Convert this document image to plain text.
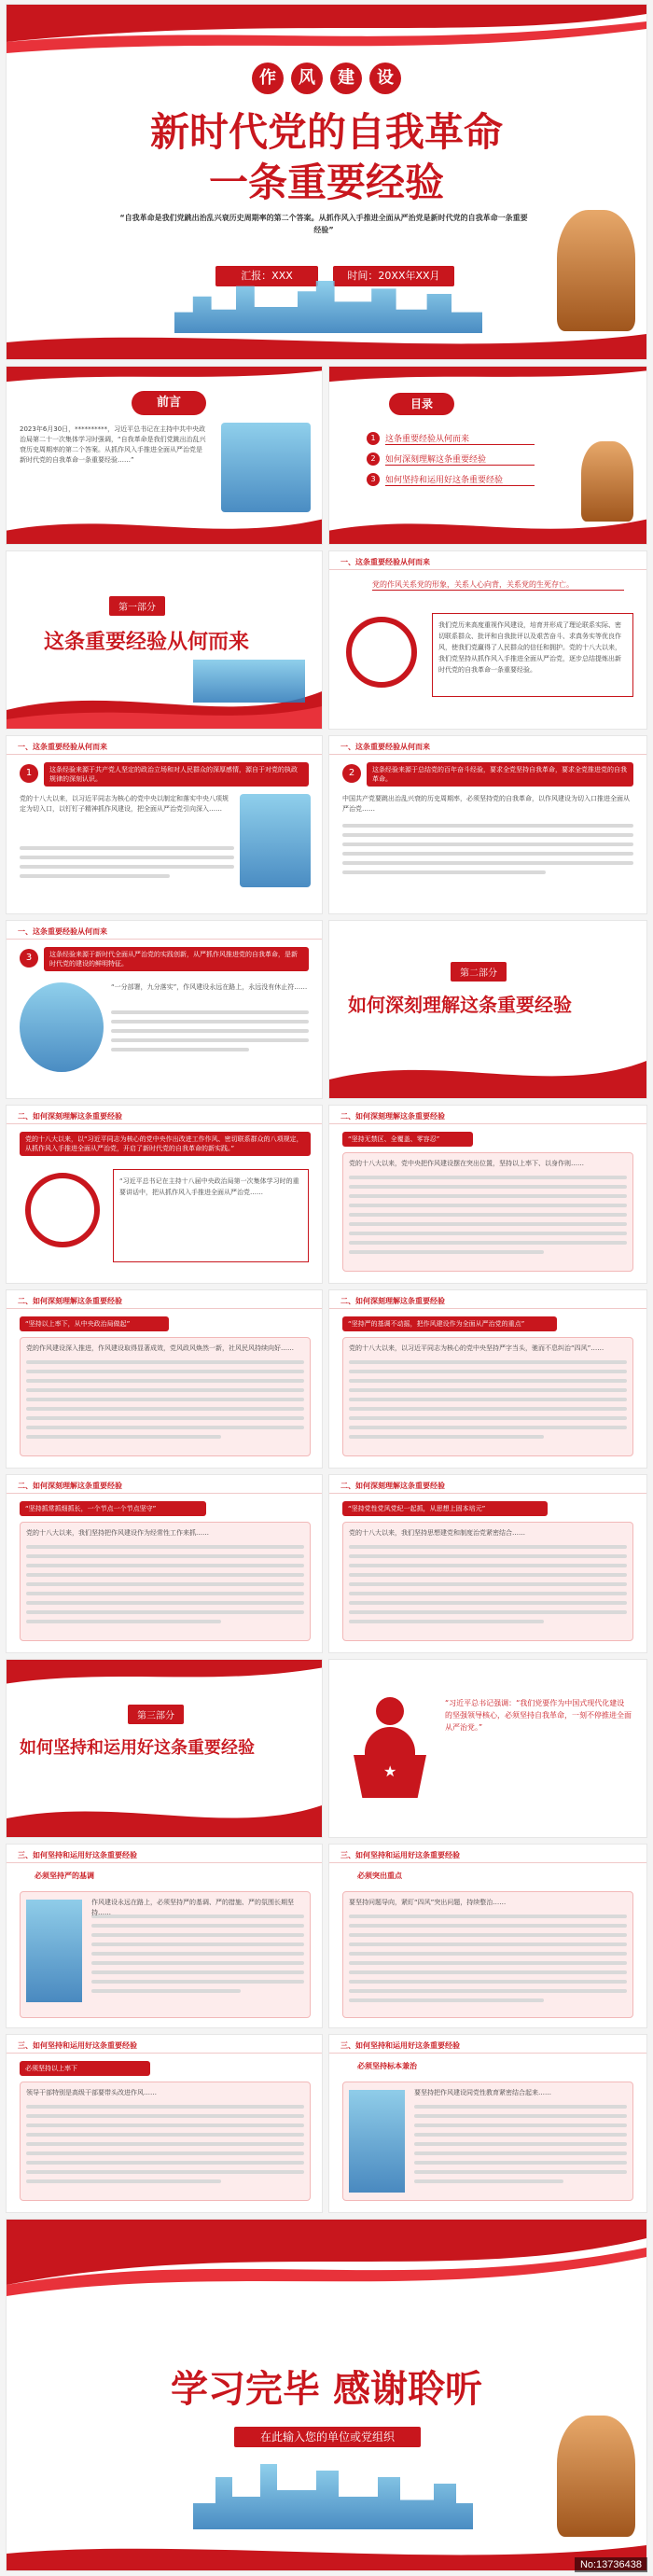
作 风 建 设
新时代党的自我革命
一条重要经验
“自我革命是我们党跳出治乱兴衰历史周期率的第二个答案。从抓作风入手推进全面从严治党是新时代党的自我革命一条重要经验”
汇报：XXX	时间：20XX年XX月
前言
2023年6月30日，**********，习近平总书记在主持中共中央政治局第二十一次集体学习时强调，“自我革命是我们党跳出治乱兴衰历史周期率的第二个答案。从抓作风入手推进全面从严治党是新时代党的自我革命一条重要经验……”
目录
1	这条重要经验从何而来
2	如何深刻理解这条重要经验
3	如何坚持和运用好这条重要经验
第一部分
这条重要经验从何而来
一、这条重要经验从何而来
党的作风关系党的形象，关系人心向背，关系党的生死存亡。
我们党历来高度重视作风建设，培育并形成了理论联系实际、密切联系群众、批评和自我批评以及艰苦奋斗、求真务实等优良作风，使我们党赢得了人民群众的信任和拥护。党的十八大以来，我们党坚持从抓作风入手推进全面从严治党，逐步总结提炼出新时代党的自我革命一条重要经验。
一、这条重要经验从何而来
1	这条经验来源于共产党人坚定的政治立场和对人民群众的深厚感情，源自于对党的执政规律的深刻认识。
党的十八大以来，以习近平同志为核心的党中央以制定和落实中央八项规定为切入口，以钉钉子精神抓作风建设，把全面从严治党引向深入……
一、这条重要经验从何而来
2	这条经验来源于总结党的百年奋斗经验，要求全党坚持自我革命，要求全党推进党的自我革命。
中国共产党要跳出治乱兴衰的历史周期率，必须坚持党的自我革命，以作风建设为切入口推进全面从严治党……
一、这条重要经验从何而来
3	这条经验来源于新时代全面从严治党的实践创新，从严抓作风推进党的自我革命，是新时代党的建设的鲜明特征。
“一分部署，九分落实”，作风建设永远在路上，永远没有休止符……
第二部分
如何深刻理解这条重要经验
二、如何深刻理解这条重要经验
党的十八大以来，以“习近平同志为核心的党中央作出改进工作作风、密切联系群众的八项规定，从抓作风入手推进全面从严治党，开启了新时代党的自我革命的新实践。”
“习近平总书记在主持十八届中央政治局第一次集体学习时的重要讲话中，把从抓作风入手推进全面从严治党……
二、如何深刻理解这条重要经验
“坚持无禁区、全覆盖、零容忍”
党的十八大以来，党中央把作风建设摆在突出位置，坚持以上率下、以身作则……
二、如何深刻理解这条重要经验
“坚持以上率下，从中央政治局做起”
党的作风建设深入推进，作风建设取得显著成效，党风政风焕然一新，社风民风持续向好……
二、如何深刻理解这条重要经验
“坚持严的基调不动摇，把作风建设作为全面从严治党的重点”
党的十八大以来，以习近平同志为核心的党中央坚持严字当头，驰而不息纠治“四风”……
二、如何深刻理解这条重要经验
“坚持抓常抓细抓长，一个节点一个节点坚守”
党的十八大以来，我们坚持把作风建设作为经常性工作来抓……
二、如何深刻理解这条重要经验
“坚持党性党风党纪一起抓，从思想上固本培元”
党的十八大以来，我们坚持思想建党和制度治党紧密结合……
第三部分
如何坚持和运用好这条重要经验
★
“习近平总书记强调：“我们党要作为中国式现代化建设的坚强领导核心，必须坚持自我革命，一刻不停推进全面从严治党。”
三、如何坚持和运用好这条重要经验
必须坚持严的基调
作风建设永远在路上，必须坚持严的基调、严的措施、严的氛围长期坚持……
三、如何坚持和运用好这条重要经验
必须突出重点
要坚持问题导向，紧盯“四风”突出问题，持续整治……
三、如何坚持和运用好这条重要经验
必须坚持以上率下
领导干部特别是高级干部要带头改进作风……
三、如何坚持和运用好这条重要经验
必须坚持标本兼治
要坚持把作风建设同党性教育紧密结合起来……
学习完毕 感谢聆听
在此输入您的单位或党组织
No:13736438
